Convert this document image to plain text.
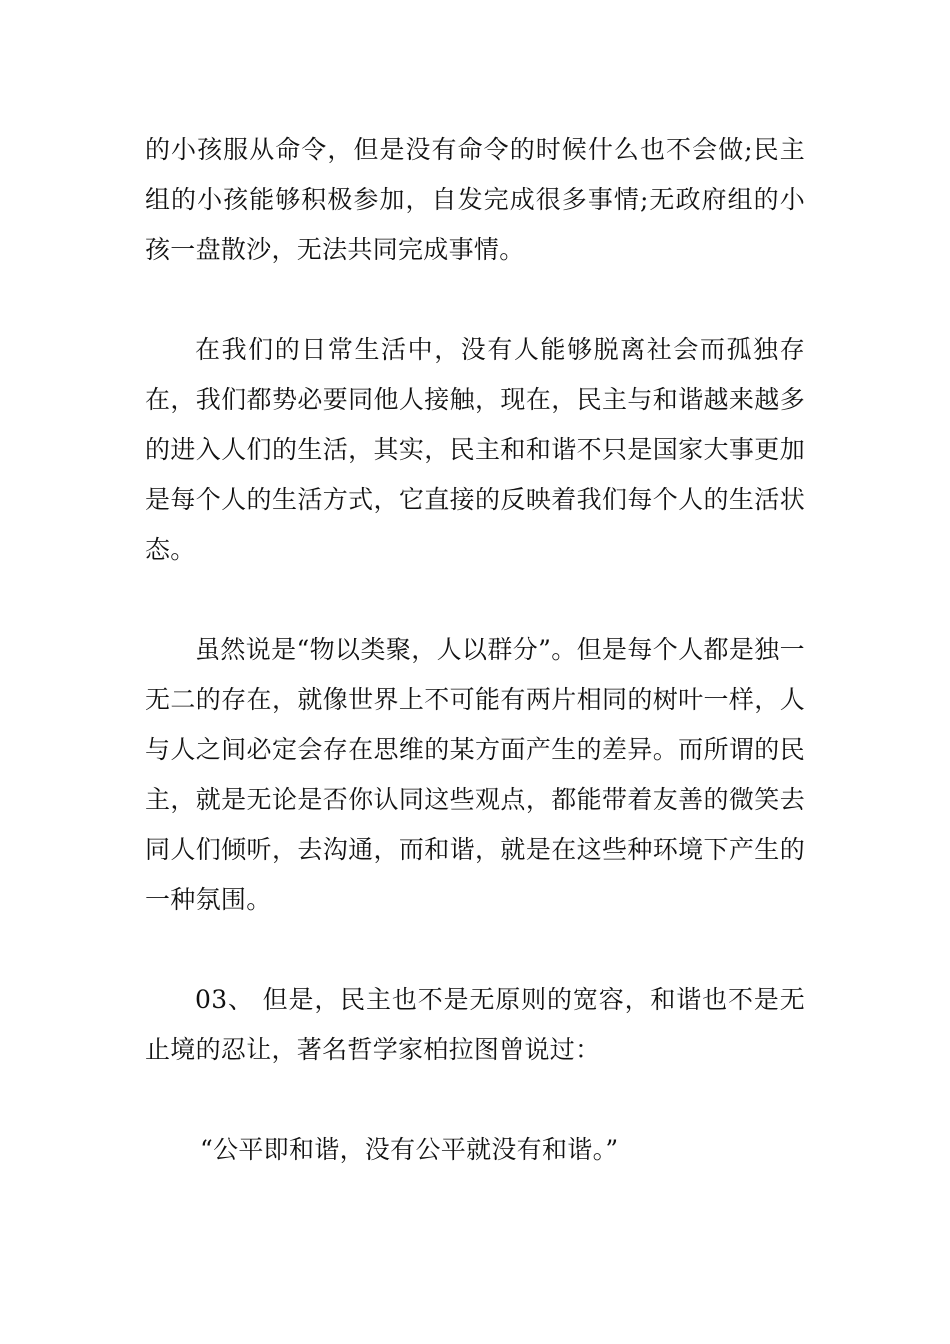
的小孩服从命令，但是没有命令的时候什么也不会做;民主组的小孩能够积极参加，自发完成很多事情;无政府组的小孩一盘散沙，无法共同完成事情。

在我们的日常生活中，没有人能够脱离社会而孤独存在，我们都势必要同他人接触，现在，民主与和谐越来越多的进入人们的生活，其实，民主和和谐不只是国家大事更加是每个人的生活方式，它直接的反映着我们每个人的生活状态。

虽然说是“物以类聚，人以群分”。但是每个人都是独一无二的存在，就像世界上不可能有两片相同的树叶一样，人与人之间必定会存在思维的某方面产生的差异。而所谓的民主，就是无论是否你认同这些观点，都能带着友善的微笑去同人们倾听，去沟通，而和谐，就是在这些种环境下产生的一种氛围。

03、 但是，民主也不是无原则的宽容，和谐也不是无止境的忍让，著名哲学家柏拉图曾说过：

“公平即和谐，没有公平就没有和谐。”
